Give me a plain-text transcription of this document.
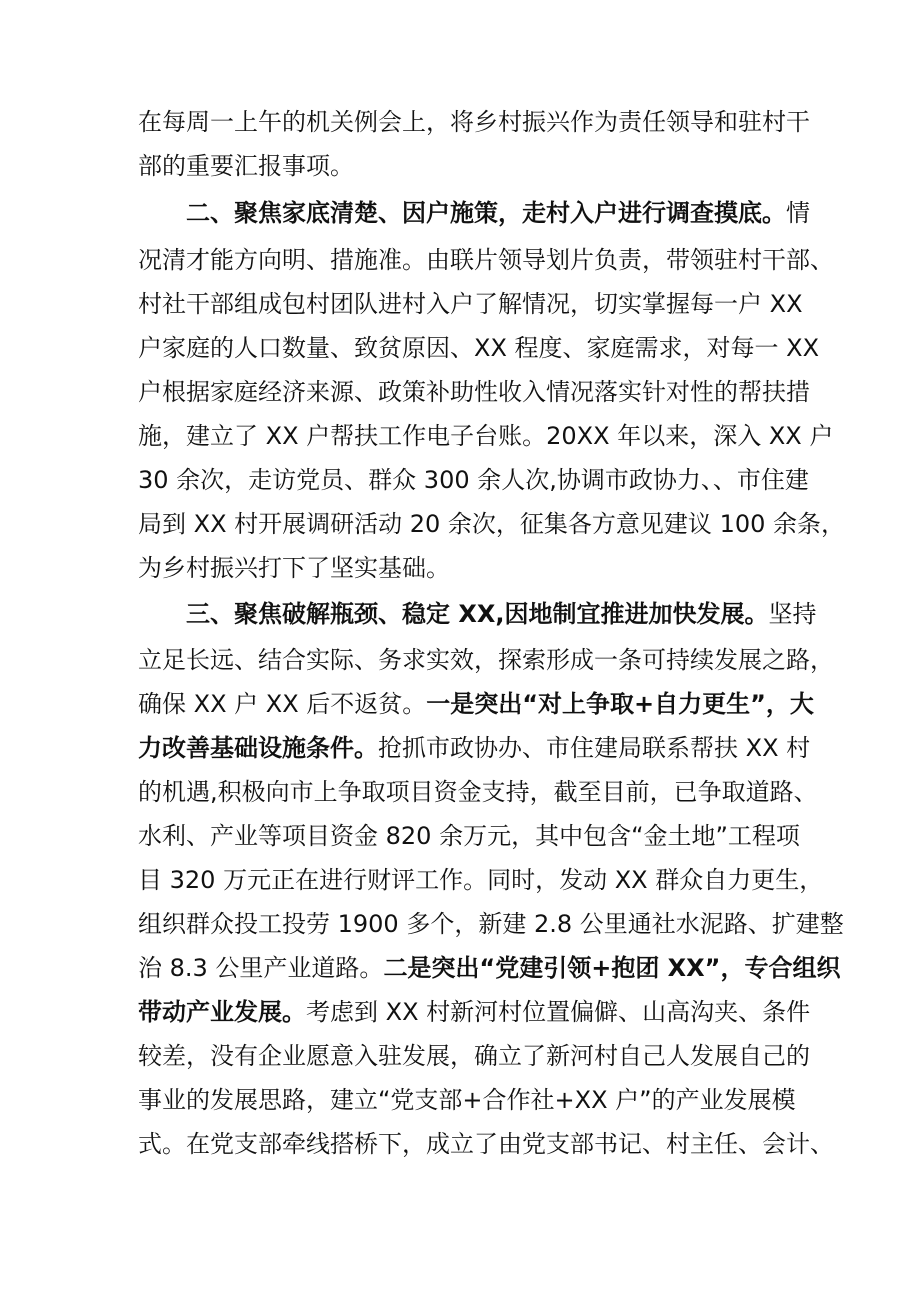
在每周一上午的机关例会上，将乡村振兴作为责任领导和驻村干
部的重要汇报事项。
二、聚焦家底清楚、因户施策，走村入户进行调查摸底。情
况清才能方向明、措施准。由联片领导划片负责，带领驻村干部、
村社干部组成包村团队进村入户了解情况，切实掌握每一户 XX
户家庭的人口数量、致贫原因、XX 程度、家庭需求，对每一 XX
户根据家庭经济来源、政策补助性收入情况落实针对性的帮扶措
施，建立了 XX 户帮扶工作电子台账。20XX 年以来，深入 XX 户
30 余次，走访党员、群众 300 余人次,协调市政协力、、市住建
局到 XX 村开展调研活动 20 余次，征集各方意见建议 100 余条，
为乡村振兴打下了坚实基础。
三、聚焦破解瓶颈、稳定 XX,因地制宜推进加快发展。坚持
立足长远、结合实际、务求实效，探索形成一条可持续发展之路，
确保 XX 户 XX 后不返贫。一是突出“对上争取+自力更生”，大
力改善基础设施条件。抢抓市政协办、市住建局联系帮扶 XX 村
的机遇,积极向市上争取项目资金支持，截至目前，已争取道路、
水利、产业等项目资金 820 余万元，其中包含“金土地”工程项
目 320 万元正在进行财评工作。同时，发动 XX 群众自力更生，
组织群众投工投劳 1900 多个，新建 2.8 公里通社水泥路、扩建整
治 8.3 公里产业道路。二是突出“党建引领+抱团 XX”，专合组织
带动产业发展。考虑到 XX 村新河村位置偏僻、山高沟夹、条件
较差，没有企业愿意入驻发展，确立了新河村自己人发展自己的
事业的发展思路，建立“党支部+合作社+XX 户”的产业发展模
式。在党支部牵线搭桥下，成立了由党支部书记、村主任、会计、
